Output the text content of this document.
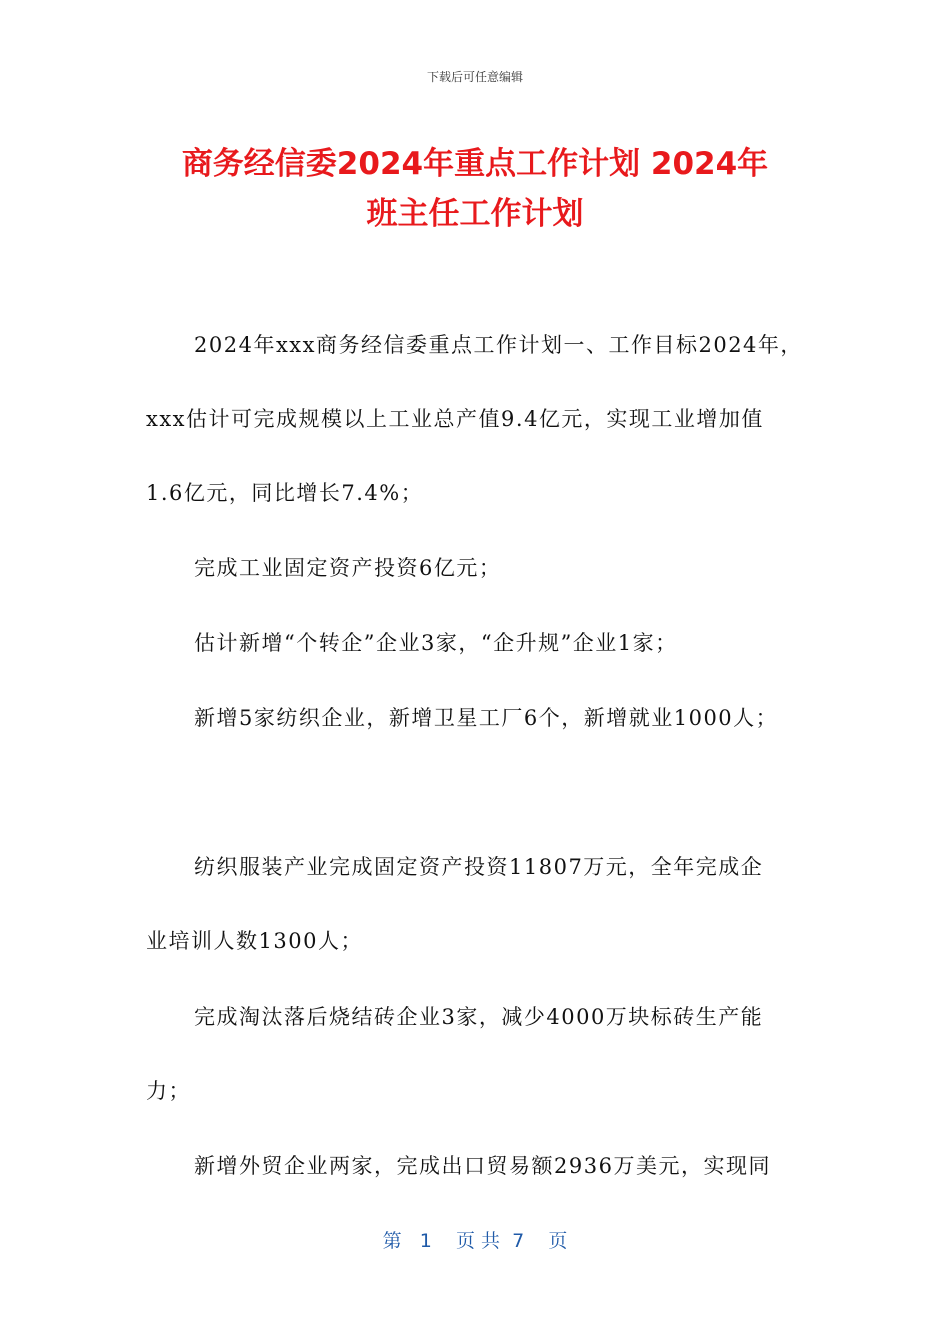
下载后可任意编辑
商务经信委2024年重点工作计划 2024年
班主任工作计划
2024年xxx商务经信委重点工作计划一、工作目标2024年，
xxx估计可完成规模以上工业总产值9.4亿元，实现工业增加值
1.6亿元，同比增长7.4%；
完成工业固定资产投资6亿元；
估计新增“个转企”企业3家，“企升规”企业1家；
新增5家纺织企业，新增卫星工厂6个，新增就业1000人；
纺织服装产业完成固定资产投资11807万元，全年完成企
业培训人数1300人；
完成淘汰落后烧结砖企业3家，减少4000万块标砖生产能
力；
新增外贸企业两家，完成出口贸易额2936万美元，实现同
第   1    页 共  7    页
